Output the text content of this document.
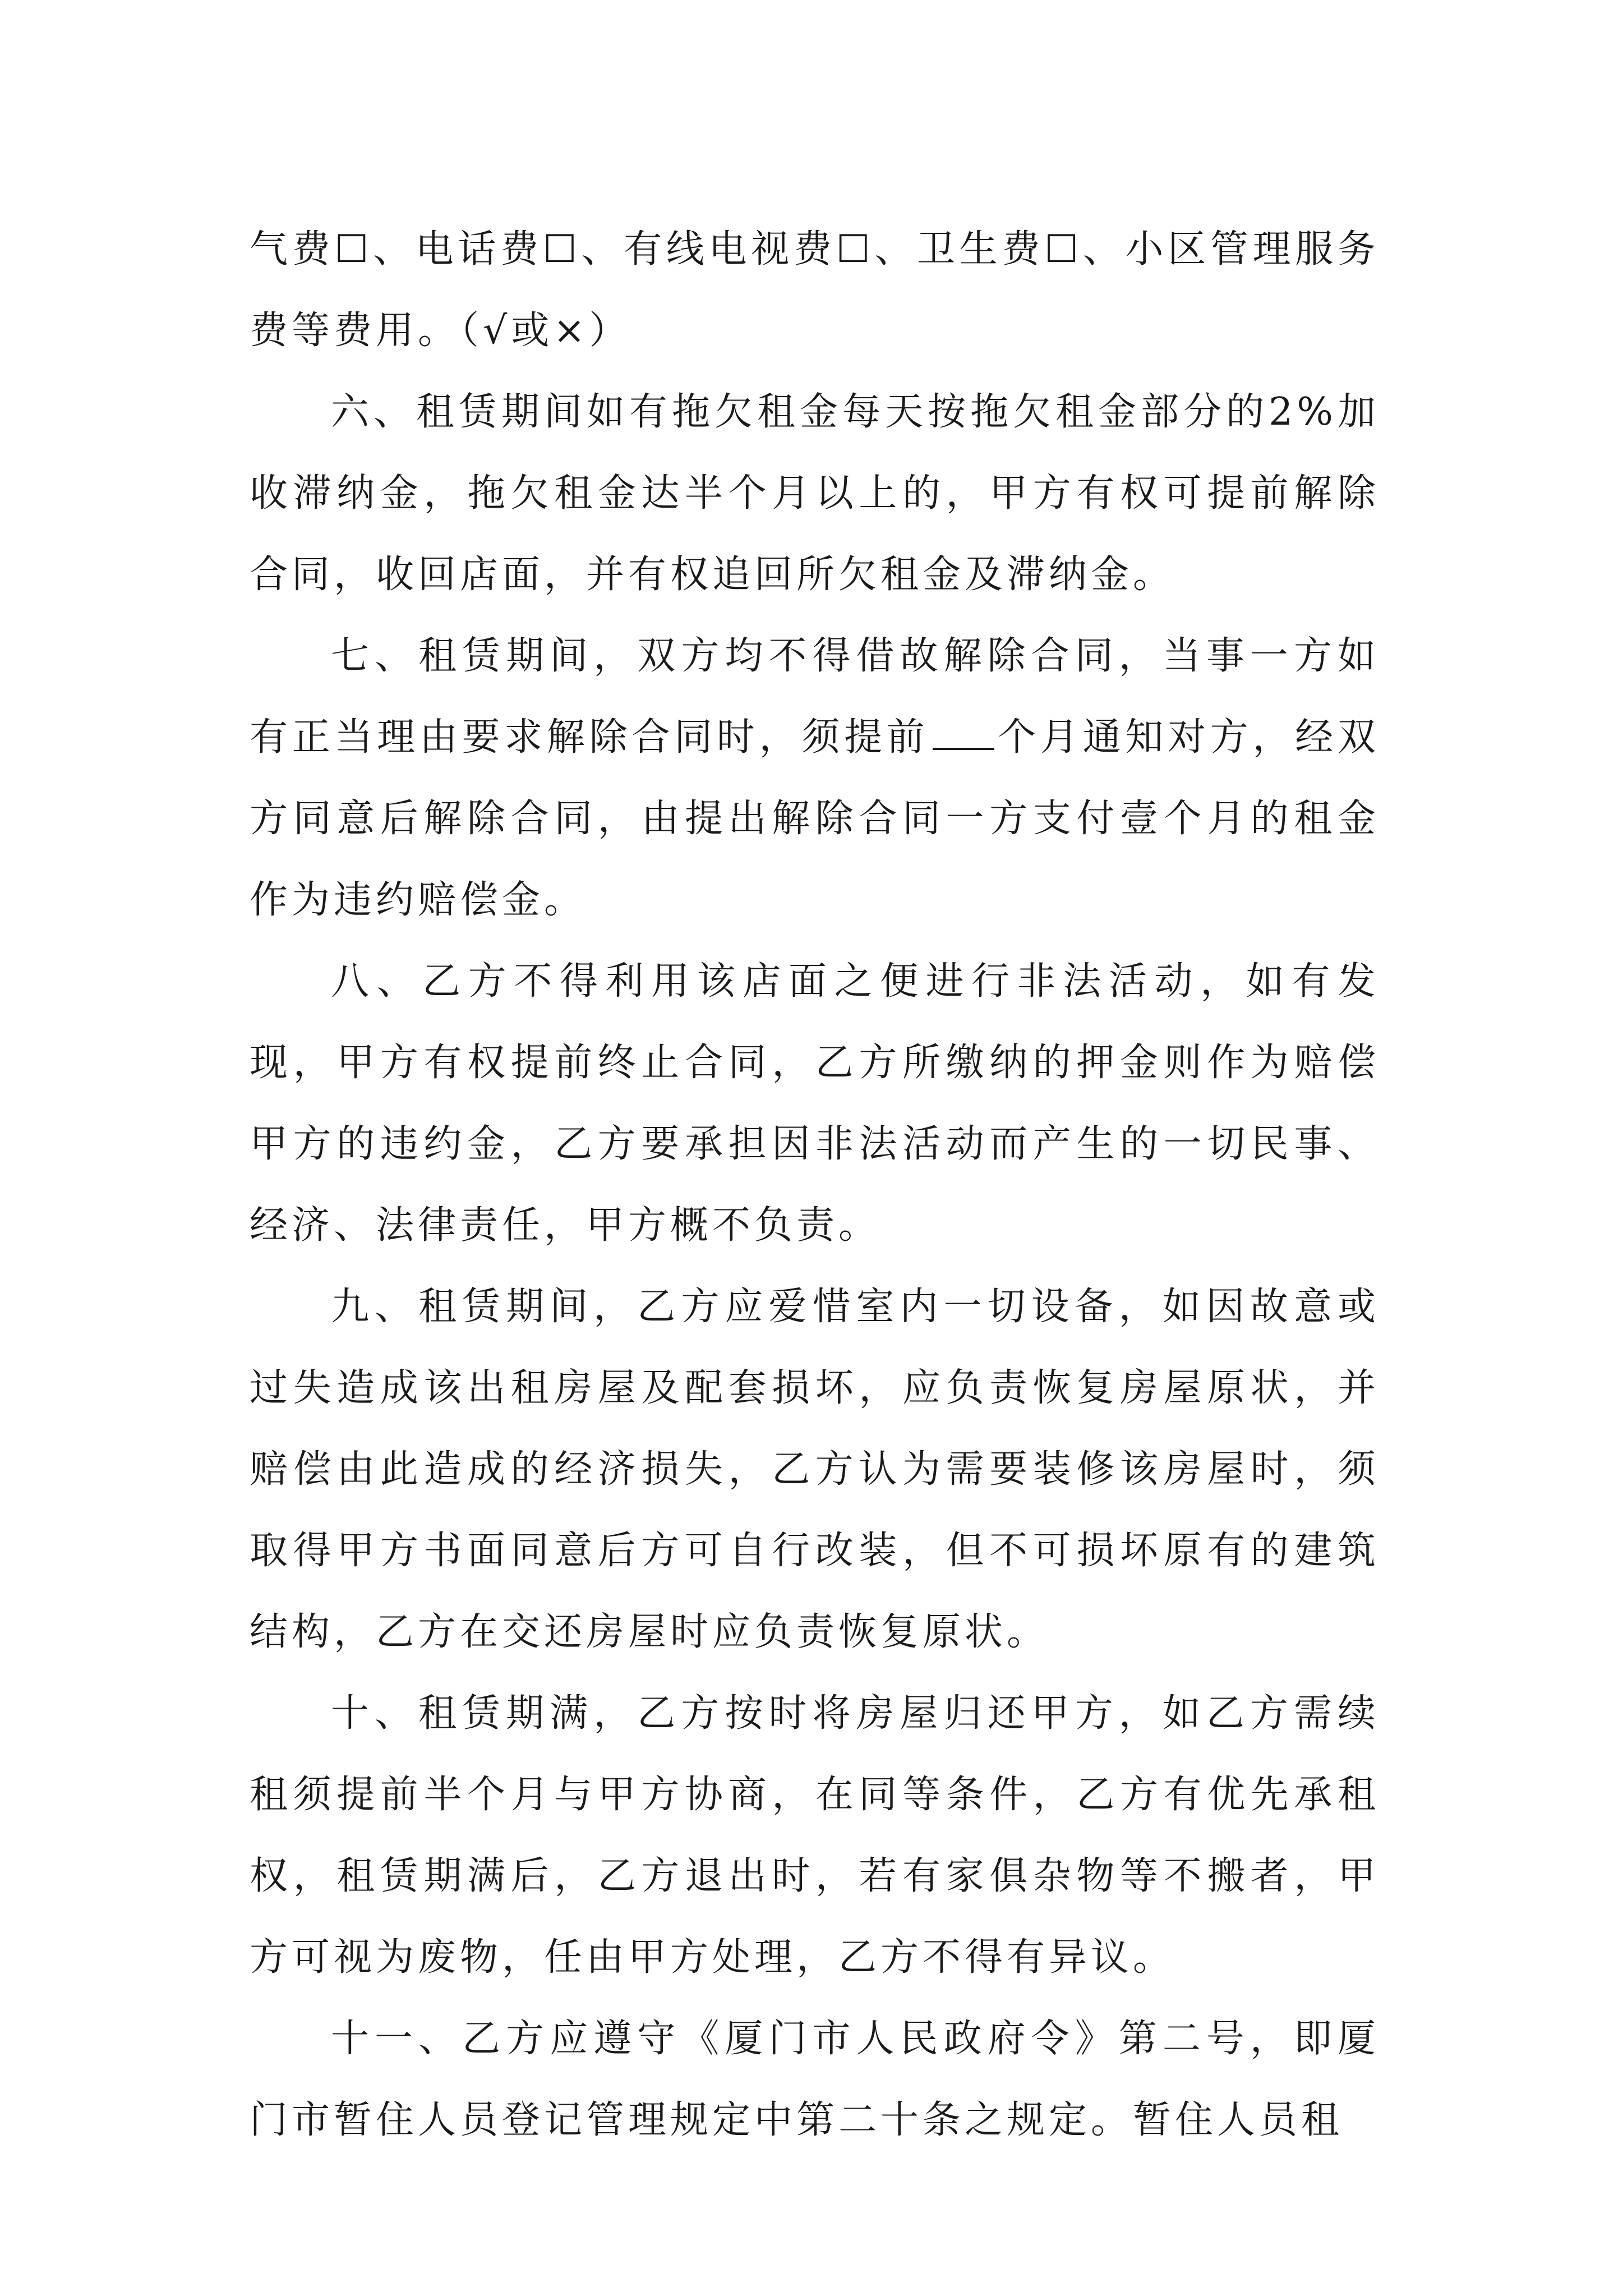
气费☐、电话费☐、有线电视费☐、卫生费☐、小区管理服务费等费用。（√或×）

六、租赁期间如有拖欠租金每天按拖欠租金部分的2%加收滞纳金，拖欠租金达半个月以上的，甲方有权可提前解除合同，收回店面，并有权追回所欠租金及滞纳金。

七、租赁期间，双方均不得借故解除合同，当事一方如有正当理由要求解除合同时，须提前 个月通知对方，经双方同意后解除合同，由提出解除合同一方支付壹个月的租金作为违约赔偿金。

八、乙方不得利用该店面之便进行非法活动，如有发现，甲方有权提前终止合同，乙方所缴纳的押金则作为赔偿甲方的违约金，乙方要承担因非法活动而产生的一切民事、经济、法律责任，甲方概不负责。

九、租赁期间，乙方应爱惜室内一切设备，如因故意或过失造成该出租房屋及配套损坏，应负责恢复房屋原状，并赔偿由此造成的经济损失，乙方认为需要装修该房屋时，须取得甲方书面同意后方可自行改装，但不可损坏原有的建筑结构，乙方在交还房屋时应负责恢复原状。

十、租赁期满，乙方按时将房屋归还甲方，如乙方需续租须提前半个月与甲方协商，在同等条件，乙方有优先承租权，租赁期满后，乙方退出时，若有家俱杂物等不搬者，甲方可视为废物，任由甲方处理，乙方不得有异议。

十一、乙方应遵守《厦门市人民政府令》第二号，即厦门市暂住人员登记管理规定中第二十条之规定。暂住人员租
